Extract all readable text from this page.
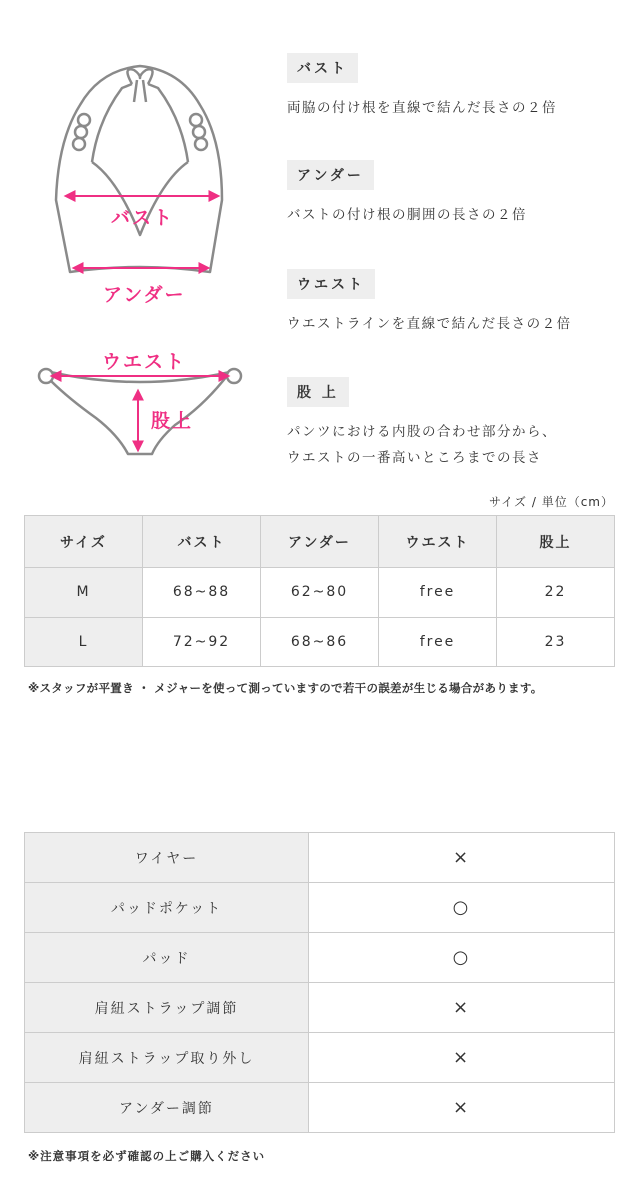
バスト
アンダー
ウエスト
股上
バスト
両脇の付け根を直線で結んだ長さの２倍
アンダー
バストの付け根の胴囲の長さの２倍
ウエスト
ウエストラインを直線で結んだ長さの２倍
股 上
パンツにおける内股の合わせ部分から、
ウエストの一番高いところまでの長さ
サイズ / 単位（cm）
サイズ	バスト	アンダー	ウエスト	股上
M	68~88	62~80	free	22
L	72~92	68~86	free	23
※スタッフが平置き ・ メジャーを使って測っていますので若干の誤差が生じる場合があります。
ワイヤー	×
パッドポケット	○
パッド	○
肩紐ストラップ調節	×
肩紐ストラップ取り外し	×
アンダー調節	×
※注意事項を必ず確認の上ご購入ください
